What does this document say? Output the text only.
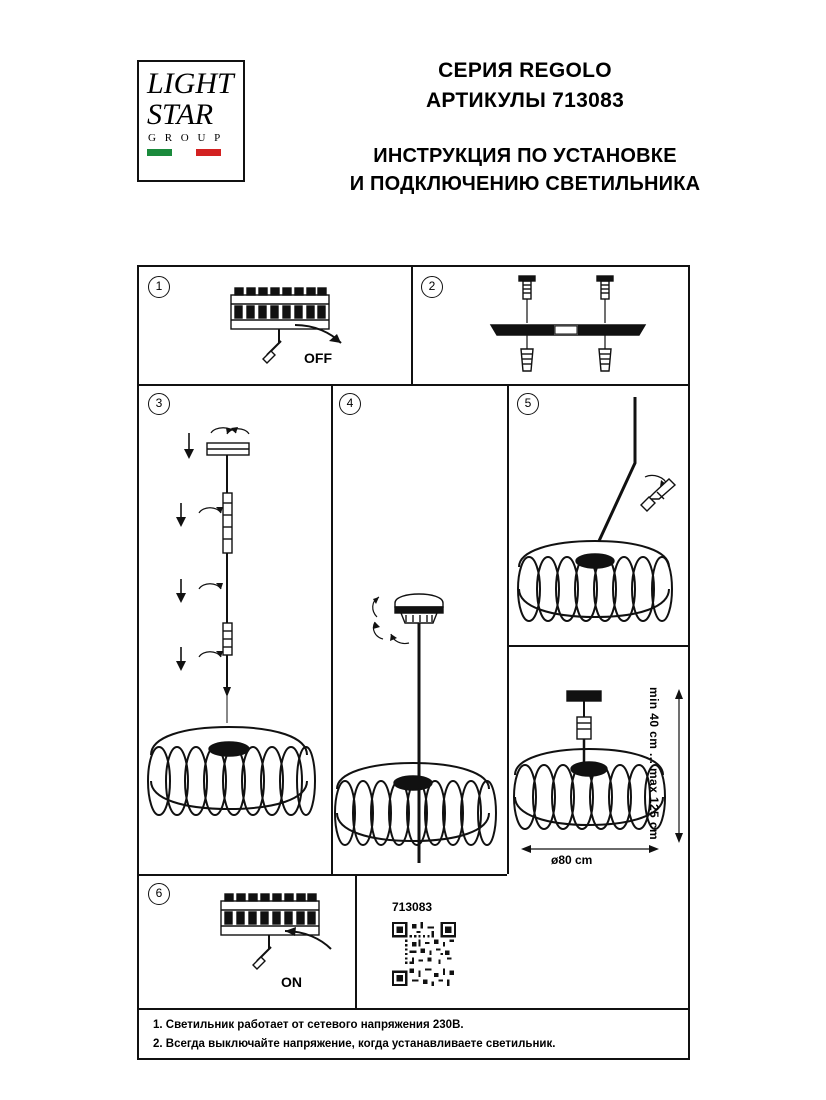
LIGHT
STAR
G R O U P
СЕРИЯ REGOLO
АРТИКУЛЫ 713083
ИНСТРУКЦИЯ ПО УСТАНОВКЕ
И ПОДКЛЮЧЕНИЮ СВЕТИЛЬНИКА
1
OFF
2
3	4	5
min 40 cm ... max 125 cm
ø80 cm
6
ON
713083
1. Светильник работает от сетевого напряжения 230В.
2. Всегда выключайте напряжение, когда устанавливаете светильник.
